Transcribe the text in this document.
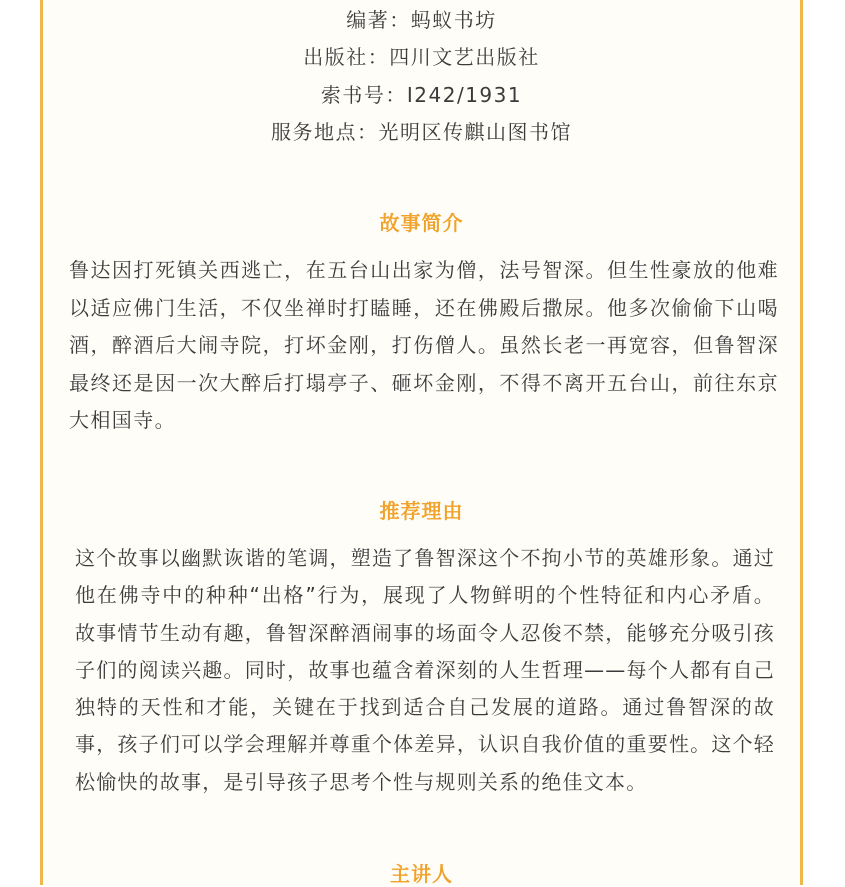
编著：蚂蚁书坊
出版社：四川文艺出版社
索书号：I242/1931
服务地点：光明区传麒山图书馆
故事简介
鲁达因打死镇关西逃亡，在五台山出家为僧，法号智深。但生性豪放的他难以适应佛门生活，不仅坐禅时打瞌睡，还在佛殿后撒尿。他多次偷偷下山喝酒，醉酒后大闹寺院，打坏金刚，打伤僧人。虽然长老一再宽容，但鲁智深最终还是因一次大醉后打塌亭子、砸坏金刚，不得不离开五台山，前往东京大相国寺。
推荐理由
这个故事以幽默诙谐的笔调，塑造了鲁智深这个不拘小节的英雄形象。通过他在佛寺中的种种“出格”行为，展现了人物鲜明的个性特征和内心矛盾。故事情节生动有趣，鲁智深醉酒闹事的场面令人忍俊不禁，能够充分吸引孩子们的阅读兴趣。同时，故事也蕴含着深刻的人生哲理——每个人都有自己独特的天性和才能，关键在于找到适合自己发展的道路。通过鲁智深的故事，孩子们可以学会理解并尊重个体差异，认识自我价值的重要性。这个轻松愉快的故事，是引导孩子思考个性与规则关系的绝佳文本。
主讲人
